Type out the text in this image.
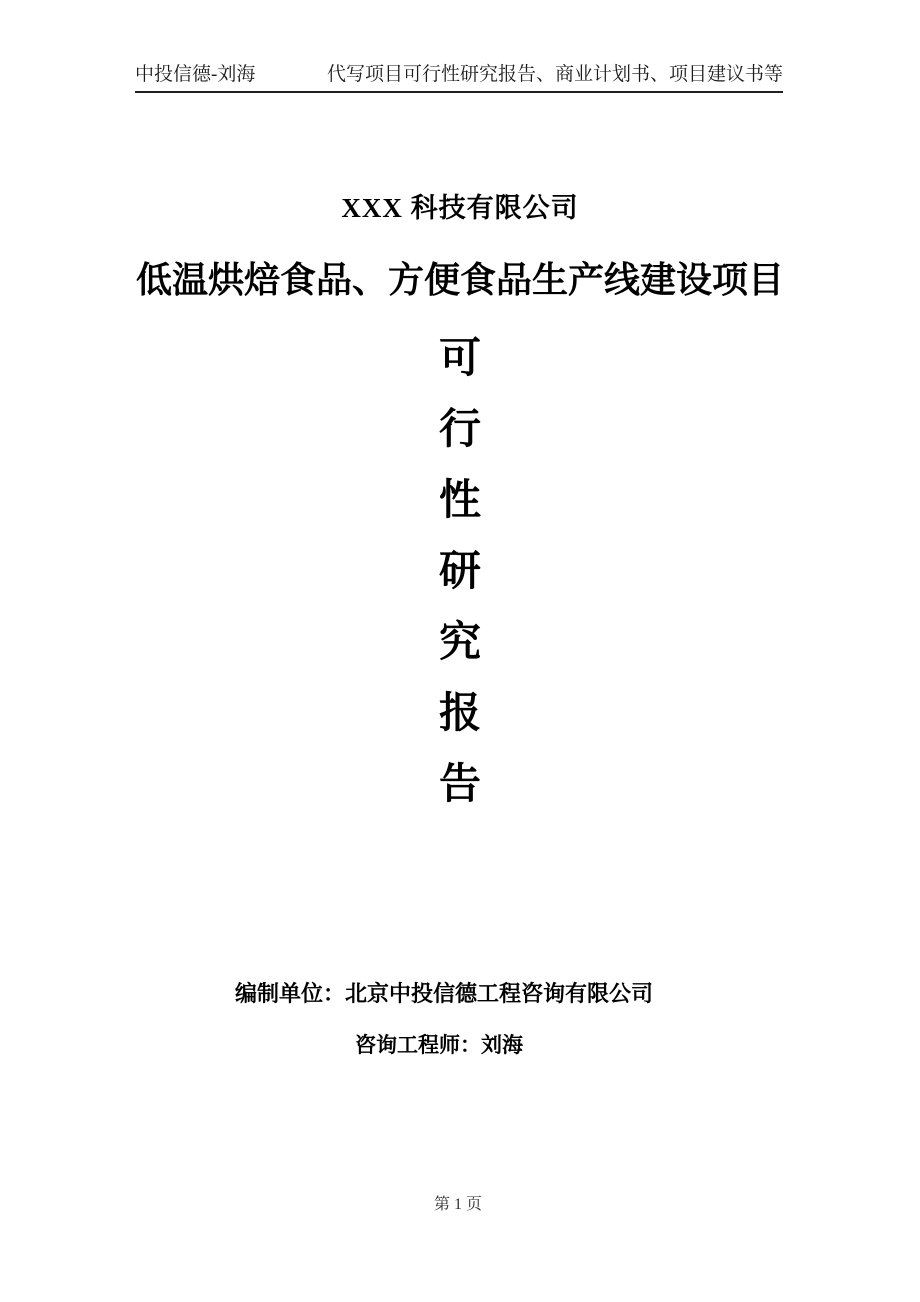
中投信德-刘海	代写项目可行性研究报告、商业计划书、项目建议书等
XXX 科技有限公司
低温烘焙食品、方便食品生产线建设项目
可
行
性
研
究
报
告
编制单位：北京中投信德工程咨询有限公司
咨询工程师：刘海
第 1 页
